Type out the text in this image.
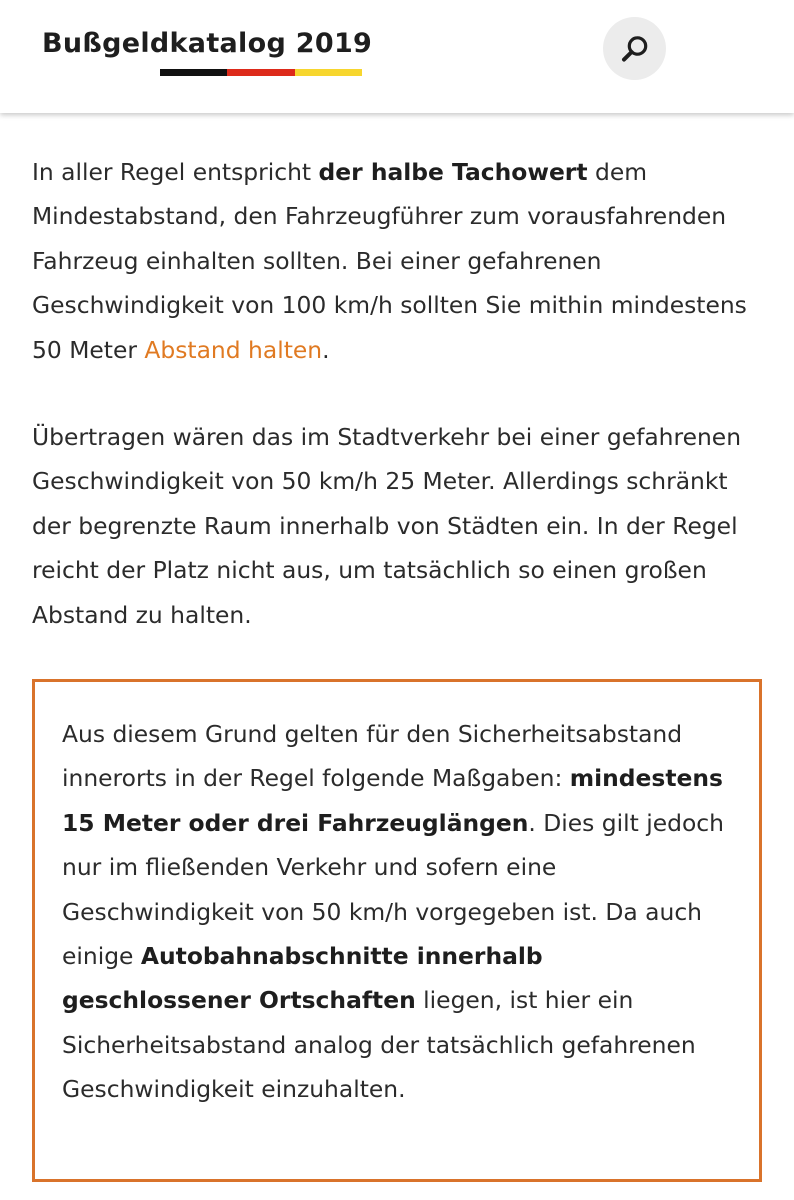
Bußgeldkatalog 2019

In aller Regel entspricht der halbe Tachowert dem Mindestabstand, den Fahrzeugführer zum vorausfahrenden Fahrzeug einhalten sollten. Bei einer gefahrenen Geschwindigkeit von 100 km/h sollten Sie mithin mindestens 50 Meter Abstand halten.

Übertragen wären das im Stadtverkehr bei einer gefahrenen Geschwindigkeit von 50 km/h 25 Meter. Allerdings schränkt der begrenzte Raum innerhalb von Städten ein. In der Regel reicht der Platz nicht aus, um tatsächlich so einen großen Abstand zu halten.

Aus diesem Grund gelten für den Sicherheitsabstand innerorts in der Regel folgende Maßgaben: mindestens 15 Meter oder drei Fahrzeuglängen. Dies gilt jedoch nur im fließenden Verkehr und sofern eine Geschwindigkeit von 50 km/h vorgegeben ist. Da auch einige Autobahnabschnitte innerhalb geschlossener Ortschaften liegen, ist hier ein Sicherheitsabstand analog der tatsächlich gefahrenen Geschwindigkeit einzuhalten.
